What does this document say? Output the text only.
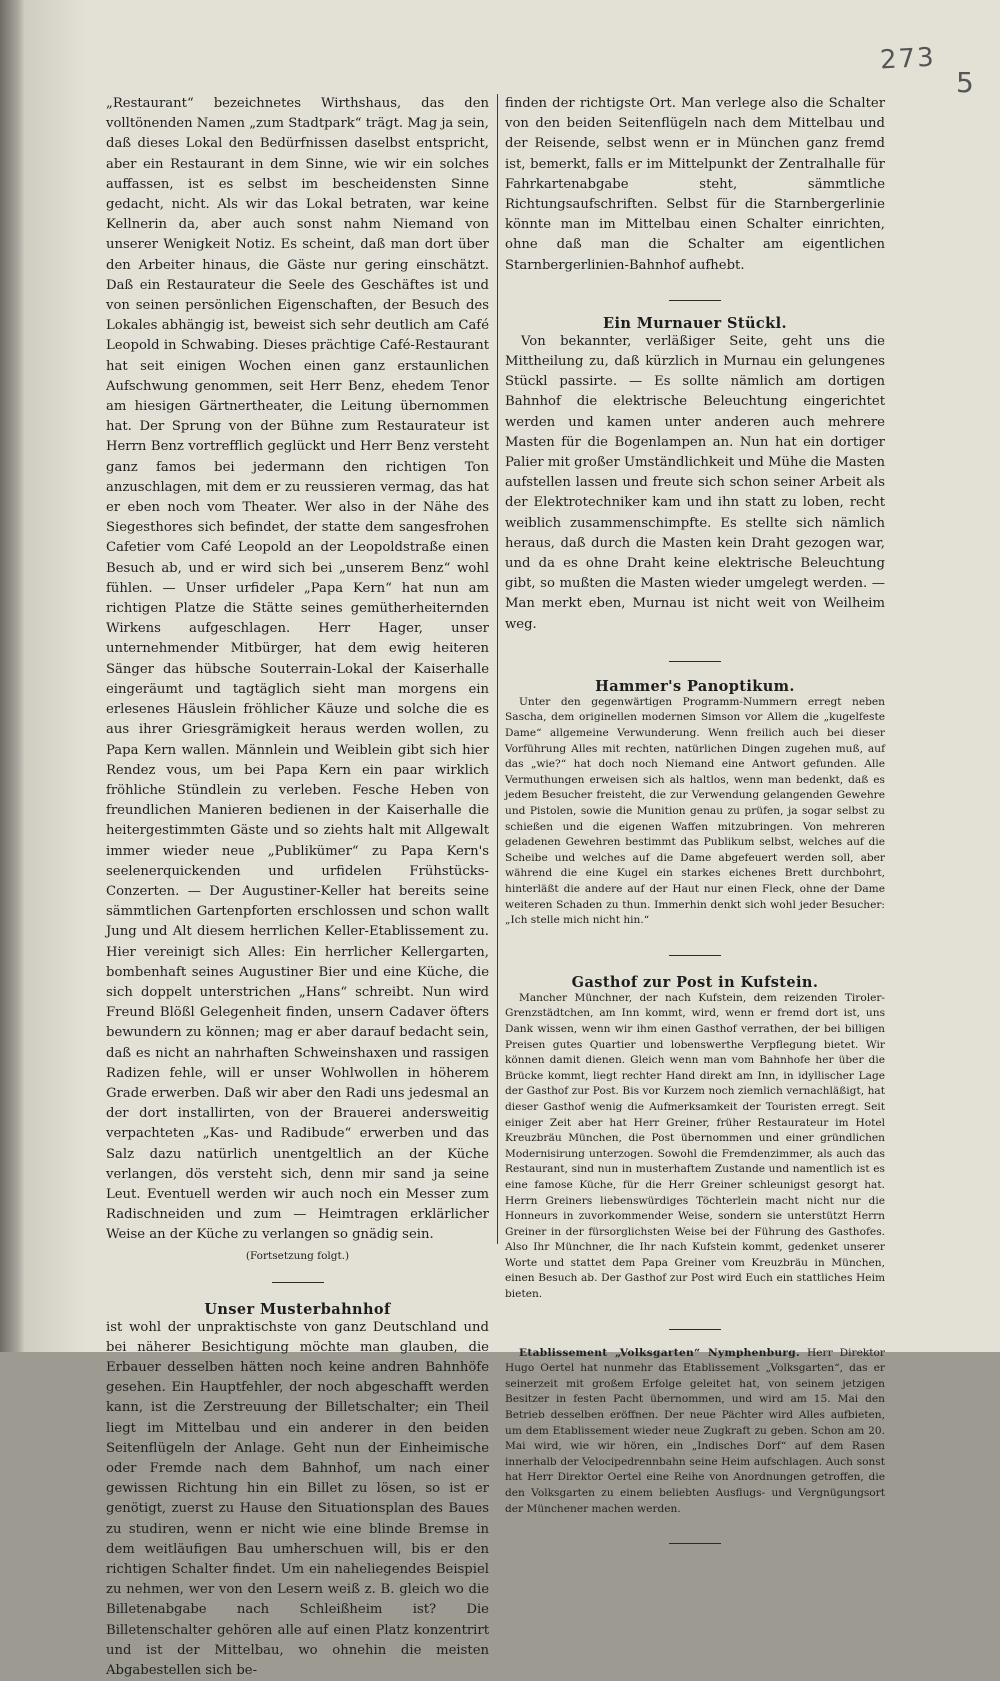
273
5

„Restaurant“ bezeichnetes Wirthshaus, das den volltönenden Namen „zum Stadtpark“ trägt. Mag ja sein, daß dieses Lokal den Bedürfnissen daselbst entspricht, aber ein Restaurant in dem Sinne, wie wir ein solches auffassen, ist es selbst im bescheidensten Sinne gedacht, nicht. Als wir das Lokal betraten, war keine Kellnerin da, aber auch sonst nahm Niemand von unserer Wenigkeit Notiz. Es scheint, daß man dort über den Arbeiter hinaus, die Gäste nur gering einschätzt. Daß ein Restaurateur die Seele des Geschäftes ist und von seinen persönlichen Eigenschaften, der Besuch des Lokales abhängig ist, beweist sich sehr deutlich am Café Leopold in Schwabing. Dieses prächtige Café-Restaurant hat seit einigen Wochen einen ganz erstaunlichen Aufschwung genommen, seit Herr Benz, ehedem Tenor am hiesigen Gärtnertheater, die Leitung übernommen hat. Der Sprung von der Bühne zum Restaurateur ist Herrn Benz vortrefflich geglückt und Herr Benz versteht ganz famos bei jedermann den richtigen Ton anzuschlagen, mit dem er zu reussieren vermag, das hat er eben noch vom Theater. Wer also in der Nähe des Siegesthores sich befindet, der statte dem sangesfrohen Cafetier vom Café Leopold an der Leopoldstraße einen Besuch ab, und er wird sich bei „unserem Benz“ wohl fühlen. — Unser urfideler „Papa Kern“ hat nun am richtigen Platze die Stätte seines gemütherheiternden Wirkens aufgeschlagen. Herr Hager, unser unternehmender Mitbürger, hat dem ewig heiteren Sänger das hübsche Souterrain-Lokal der Kaiserhalle eingeräumt und tagtäglich sieht man morgens ein erlesenes Häuslein fröhlicher Käuze und solche die es aus ihrer Griesgrämigkeit heraus werden wollen, zu Papa Kern wallen. Männlein und Weiblein gibt sich hier Rendez vous, um bei Papa Kern ein paar wirklich fröhliche Stündlein zu verleben. Fesche Heben von freundlichen Manieren bedienen in der Kaiserhalle die heitergestimmten Gäste und so ziehts halt mit Allgewalt immer wieder neue „Publikümer“ zu Papa Kern's seelenerquickenden und urfidelen Frühstücks-Conzerten. — Der Augustiner-Keller hat bereits seine sämmtlichen Gartenpforten erschlossen und schon wallt Jung und Alt diesem herrlichen Keller-Etablissement zu. Hier vereinigt sich Alles: Ein herrlicher Kellergarten, bombenhaft seines Augustiner Bier und eine Küche, die sich doppelt unterstrichen „Hans“ schreibt. Nun wird Freund Blößl Gelegenheit finden, unsern Cadaver öfters bewundern zu können; mag er aber darauf bedacht sein, daß es nicht an nahrhaften Schweinshaxen und rassigen Radizen fehle, will er unser Wohlwollen in höherem Grade erwerben. Daß wir aber den Radi uns jedesmal an der dort installirten, von der Brauerei andersweitig verpachteten „Kas- und Radibude“ erwerben und das Salz dazu natürlich unentgeltlich an der Küche verlangen, dös versteht sich, denn mir sand ja seine Leut. Eventuell werden wir auch noch ein Messer zum Radischneiden und zum — Heimtragen erklärlicher Weise an der Küche zu verlangen so gnädig sein.

(Fortsetzung folgt.)

Unser Musterbahnhof

ist wohl der unpraktischste von ganz Deutschland und bei näherer Besichtigung möchte man glauben, die Erbauer desselben hätten noch keine andren Bahnhöfe gesehen. Ein Hauptfehler, der noch abgeschafft werden kann, ist die Zerstreuung der Billetschalter; ein Theil liegt im Mittelbau und ein anderer in den beiden Seitenflügeln der Anlage. Geht nun der Einheimische oder Fremde nach dem Bahnhof, um nach einer gewissen Richtung hin ein Billet zu lösen, so ist er genötigt, zuerst zu Hause den Situationsplan des Baues zu studiren, wenn er nicht wie eine blinde Bremse in dem weitläufigen Bau umherschuen will, bis er den richtigen Schalter findet. Um ein naheliegendes Beispiel zu nehmen, wer von den Lesern weiß z. B. gleich wo die Billetenabgabe nach Schleißheim ist? Die Billetenschalter gehören alle auf einen Platz konzentrirt und ist der Mittelbau, wo ohnehin die meisten Abgabestellen sich be-

finden der richtigste Ort. Man verlege also die Schalter von den beiden Seitenflügeln nach dem Mittelbau und der Reisende, selbst wenn er in München ganz fremd ist, bemerkt, falls er im Mittelpunkt der Zentralhalle für Fahrkartenabgabe steht, sämmtliche Richtungsaufschriften. Selbst für die Starnbergerlinie könnte man im Mittelbau einen Schalter einrichten, ohne daß man die Schalter am eigentlichen Starnbergerlinien-Bahnhof aufhebt.

Ein Murnauer Stückl.

Von bekannter, verläßiger Seite, geht uns die Mittheilung zu, daß kürzlich in Murnau ein gelungenes Stückl passirte. — Es sollte nämlich am dortigen Bahnhof die elektrische Beleuchtung eingerichtet werden und kamen unter anderen auch mehrere Masten für die Bogenlampen an. Nun hat ein dortiger Palier mit großer Umständlichkeit und Mühe die Masten aufstellen lassen und freute sich schon seiner Arbeit als der Elektrotechniker kam und ihn statt zu loben, recht weiblich zusammenschimpfte. Es stellte sich nämlich heraus, daß durch die Masten kein Draht gezogen war, und da es ohne Draht keine elektrische Beleuchtung gibt, so mußten die Masten wieder umgelegt werden. — Man merkt eben, Murnau ist nicht weit von Weilheim weg.

Hammer's Panoptikum.

Unter den gegenwärtigen Programm-Nummern erregt neben Sascha, dem originellen modernen Simson vor Allem die „kugelfeste Dame“ allgemeine Verwunderung. Wenn freilich auch bei dieser Vorführung Alles mit rechten, natürlichen Dingen zugehen muß, auf das „wie?“ hat doch noch Niemand eine Antwort gefunden. Alle Vermuthungen erweisen sich als haltlos, wenn man bedenkt, daß es jedem Besucher freisteht, die zur Verwendung gelangenden Gewehre und Pistolen, sowie die Munition genau zu prüfen, ja sogar selbst zu schießen und die eigenen Waffen mitzubringen. Von mehreren geladenen Gewehren bestimmt das Publikum selbst, welches auf die Scheibe und welches auf die Dame abgefeuert werden soll, aber während die eine Kugel ein starkes eichenes Brett durchbohrt, hinterläßt die andere auf der Haut nur einen Fleck, ohne der Dame weiteren Schaden zu thun. Immerhin denkt sich wohl jeder Besucher: „Ich stelle mich nicht hin.“

Gasthof zur Post in Kufstein.

Mancher Münchner, der nach Kufstein, dem reizenden Tiroler-Grenzstädtchen, am Inn kommt, wird, wenn er fremd dort ist, uns Dank wissen, wenn wir ihm einen Gasthof verrathen, der bei billigen Preisen gutes Quartier und lobenswerthe Verpflegung bietet. Wir können damit dienen. Gleich wenn man vom Bahnhofe her über die Brücke kommt, liegt rechter Hand direkt am Inn, in idyllischer Lage der Gasthof zur Post. Bis vor Kurzem noch ziemlich vernachläßigt, hat dieser Gasthof wenig die Aufmerksamkeit der Touristen erregt. Seit einiger Zeit aber hat Herr Greiner, früher Restaurateur im Hotel Kreuzbräu München, die Post übernommen und einer gründlichen Modernisirung unterzogen. Sowohl die Fremdenzimmer, als auch das Restaurant, sind nun in musterhaftem Zustande und namentlich ist es eine famose Küche, für die Herr Greiner schleunigst gesorgt hat. Herrn Greiners liebenswürdiges Töchterlein macht nicht nur die Honneurs in zuvorkommender Weise, sondern sie unterstützt Herrn Greiner in der fürsorglichsten Weise bei der Führung des Gasthofes. Also Ihr Münchner, die Ihr nach Kufstein kommt, gedenket unserer Worte und stattet dem Papa Greiner vom Kreuzbräu in München, einen Besuch ab. Der Gasthof zur Post wird Euch ein stattliches Heim bieten.

Etablissement „Volksgarten“ Nymphenburg. Herr Direktor Hugo Oertel hat nunmehr das Etablissement „Volksgarten“, das er seinerzeit mit großem Erfolge geleitet hat, von seinem jetzigen Besitzer in festen Pacht übernommen, und wird am 15. Mai den Betrieb desselben eröffnen. Der neue Pächter wird Alles aufbieten, um dem Etablissement wieder neue Zugkraft zu geben. Schon am 20. Mai wird, wie wir hören, ein „Indisches Dorf“ auf dem Rasen innerhalb der Velocipedrennbahn seine Heim aufschlagen. Auch sonst hat Herr Direktor Oertel eine Reihe von Anordnungen getroffen, die den Volksgarten zu einem beliebten Ausflugs- und Vergnügungsort der Münchener machen werden.
